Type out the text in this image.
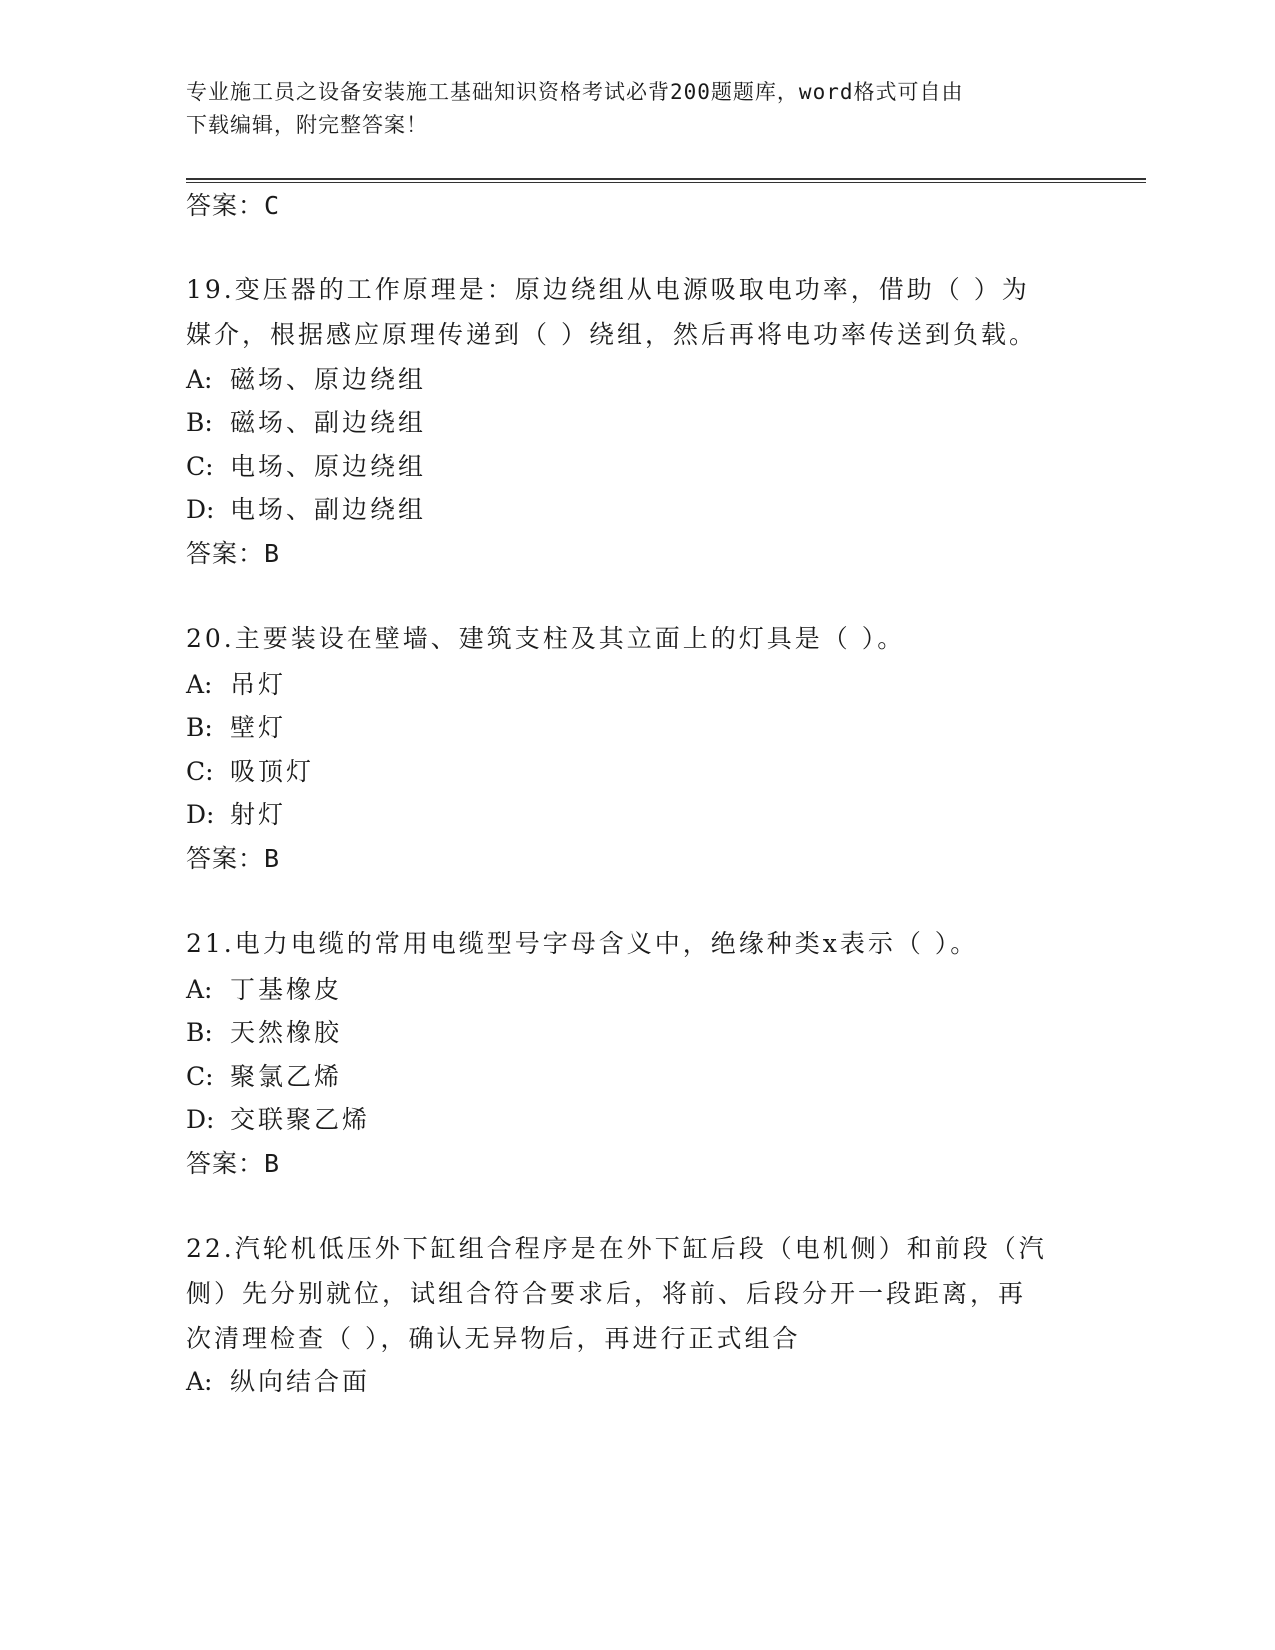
专业施工员之设备安装施工基础知识资格考试必背200题题库，word格式可自由
下载编辑，附完整答案！
答案：C
19.变压器的工作原理是：原边绕组从电源吸取电功率，借助（ ）为
媒介，根据感应原理传递到（ ）绕组，然后再将电功率传送到负载。
A: 磁场、原边绕组
B: 磁场、副边绕组
C: 电场、原边绕组
D: 电场、副边绕组
答案：B
20.主要装设在壁墙、建筑支柱及其立面上的灯具是（ ）。
A: 吊灯
B: 壁灯
C: 吸顶灯
D: 射灯
答案：B
21.电力电缆的常用电缆型号字母含义中，绝缘种类x表示（ ）。
A: 丁基橡皮
B: 天然橡胶
C: 聚氯乙烯
D: 交联聚乙烯
答案：B
22.汽轮机低压外下缸组合程序是在外下缸后段（电机侧）和前段（汽
侧）先分别就位，试组合符合要求后，将前、后段分开一段距离，再
次清理检查（ ），确认无异物后，再进行正式组合
A: 纵向结合面
